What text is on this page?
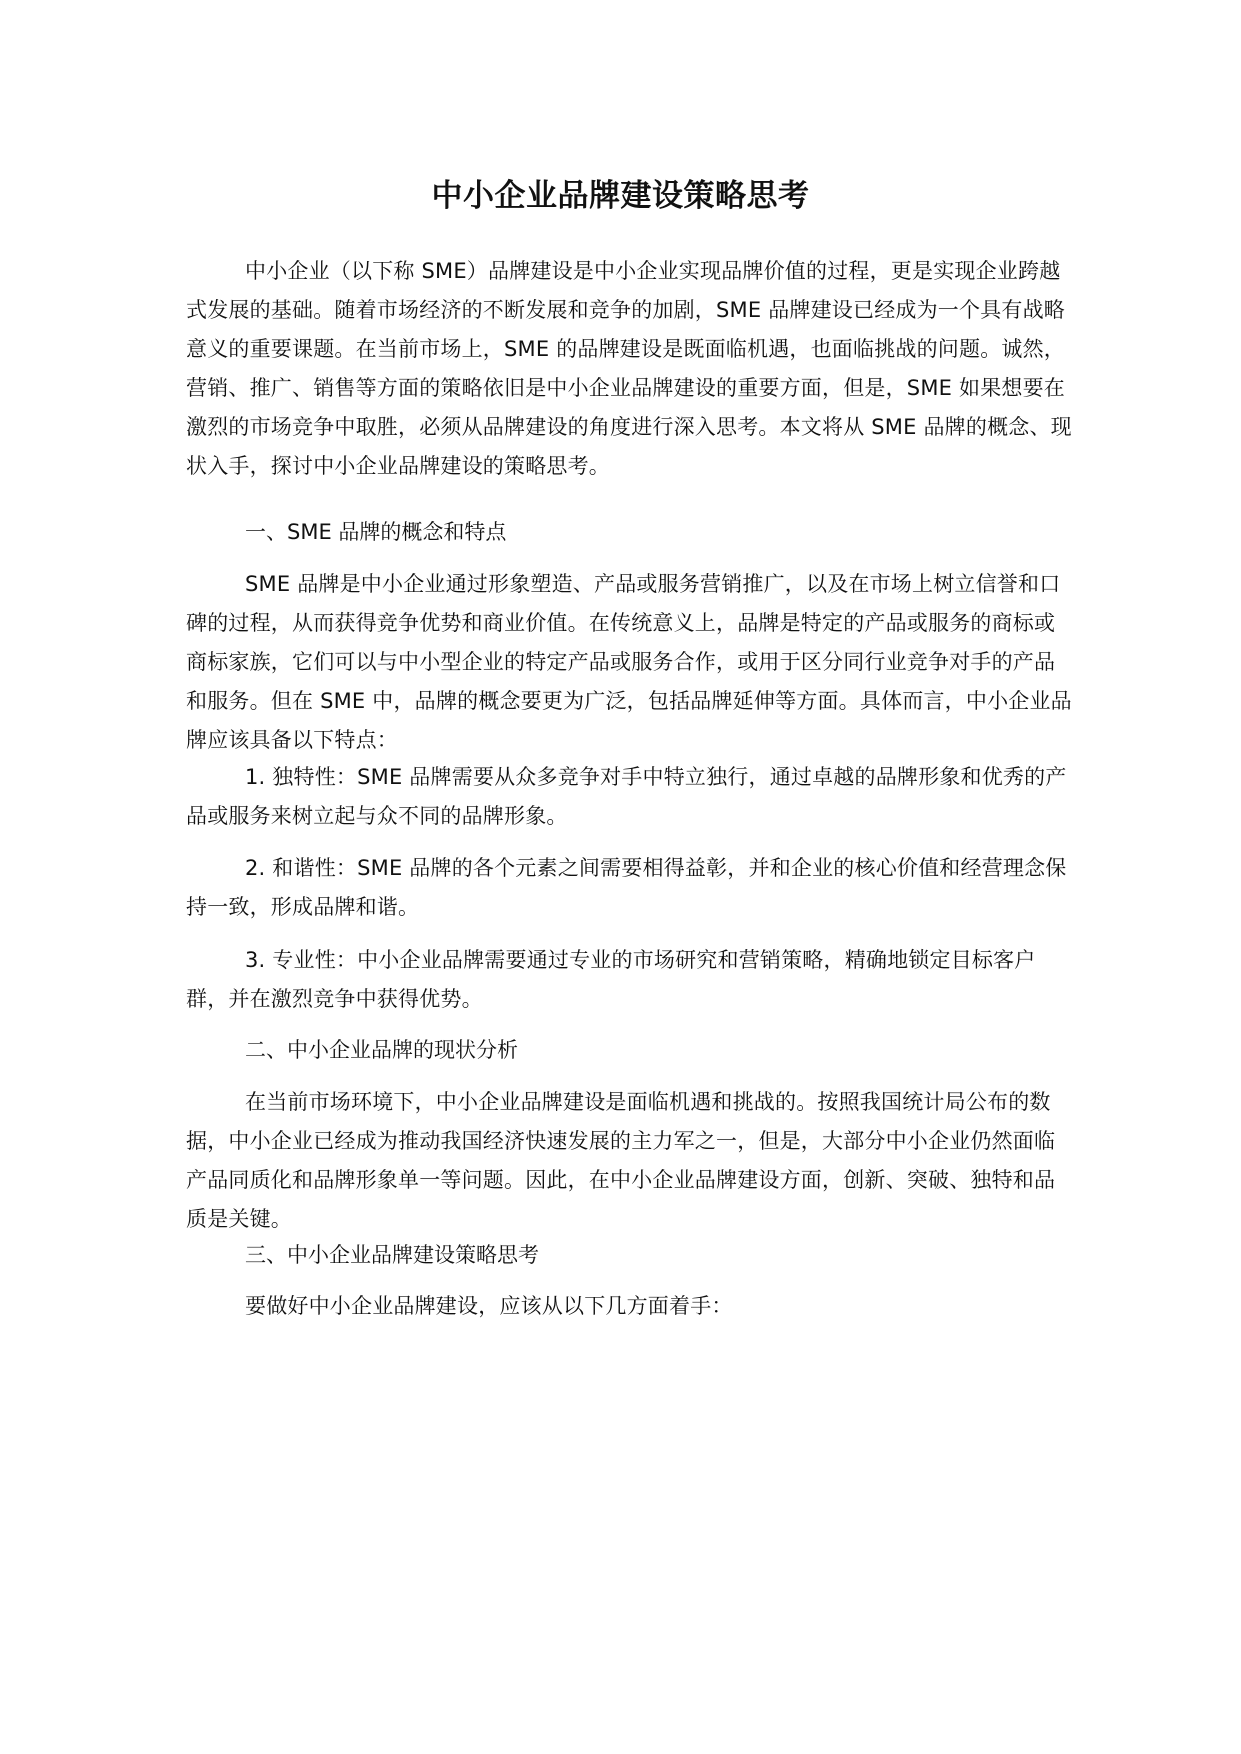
中小企业品牌建设策略思考

中小企业（以下称 SME）品牌建设是中小企业实现品牌价值的过程，更是实现企业跨越式发展的基础。随着市场经济的不断发展和竞争的加剧，SME 品牌建设已经成为一个具有战略意义的重要课题。在当前市场上，SME 的品牌建设是既面临机遇，也面临挑战的问题。诚然，营销、推广、销售等方面的策略依旧是中小企业品牌建设的重要方面，但是，SME 如果想要在激烈的市场竞争中取胜，必须从品牌建设的角度进行深入思考。本文将从 SME 品牌的概念、现状入手，探讨中小企业品牌建设的策略思考。

一、SME 品牌的概念和特点

SME 品牌是中小企业通过形象塑造、产品或服务营销推广，以及在市场上树立信誉和口碑的过程，从而获得竞争优势和商业价值。在传统意义上，品牌是特定的产品或服务的商标或商标家族，它们可以与中小型企业的特定产品或服务合作，或用于区分同行业竞争对手的产品和服务。但在 SME 中，品牌的概念要更为广泛，包括品牌延伸等方面。具体而言，中小企业品牌应该具备以下特点：

1. 独特性：SME 品牌需要从众多竞争对手中特立独行，通过卓越的品牌形象和优秀的产品或服务来树立起与众不同的品牌形象。

2. 和谐性：SME 品牌的各个元素之间需要相得益彰，并和企业的核心价值和经营理念保持一致，形成品牌和谐。

3. 专业性：中小企业品牌需要通过专业的市场研究和营销策略，精确地锁定目标客户群，并在激烈竞争中获得优势。

二、中小企业品牌的现状分析

在当前市场环境下，中小企业品牌建设是面临机遇和挑战的。按照我国统计局公布的数据，中小企业已经成为推动我国经济快速发展的主力军之一，但是，大部分中小企业仍然面临产品同质化和品牌形象单一等问题。因此，在中小企业品牌建设方面，创新、突破、独特和品质是关键。

三、中小企业品牌建设策略思考

要做好中小企业品牌建设，应该从以下几方面着手：
